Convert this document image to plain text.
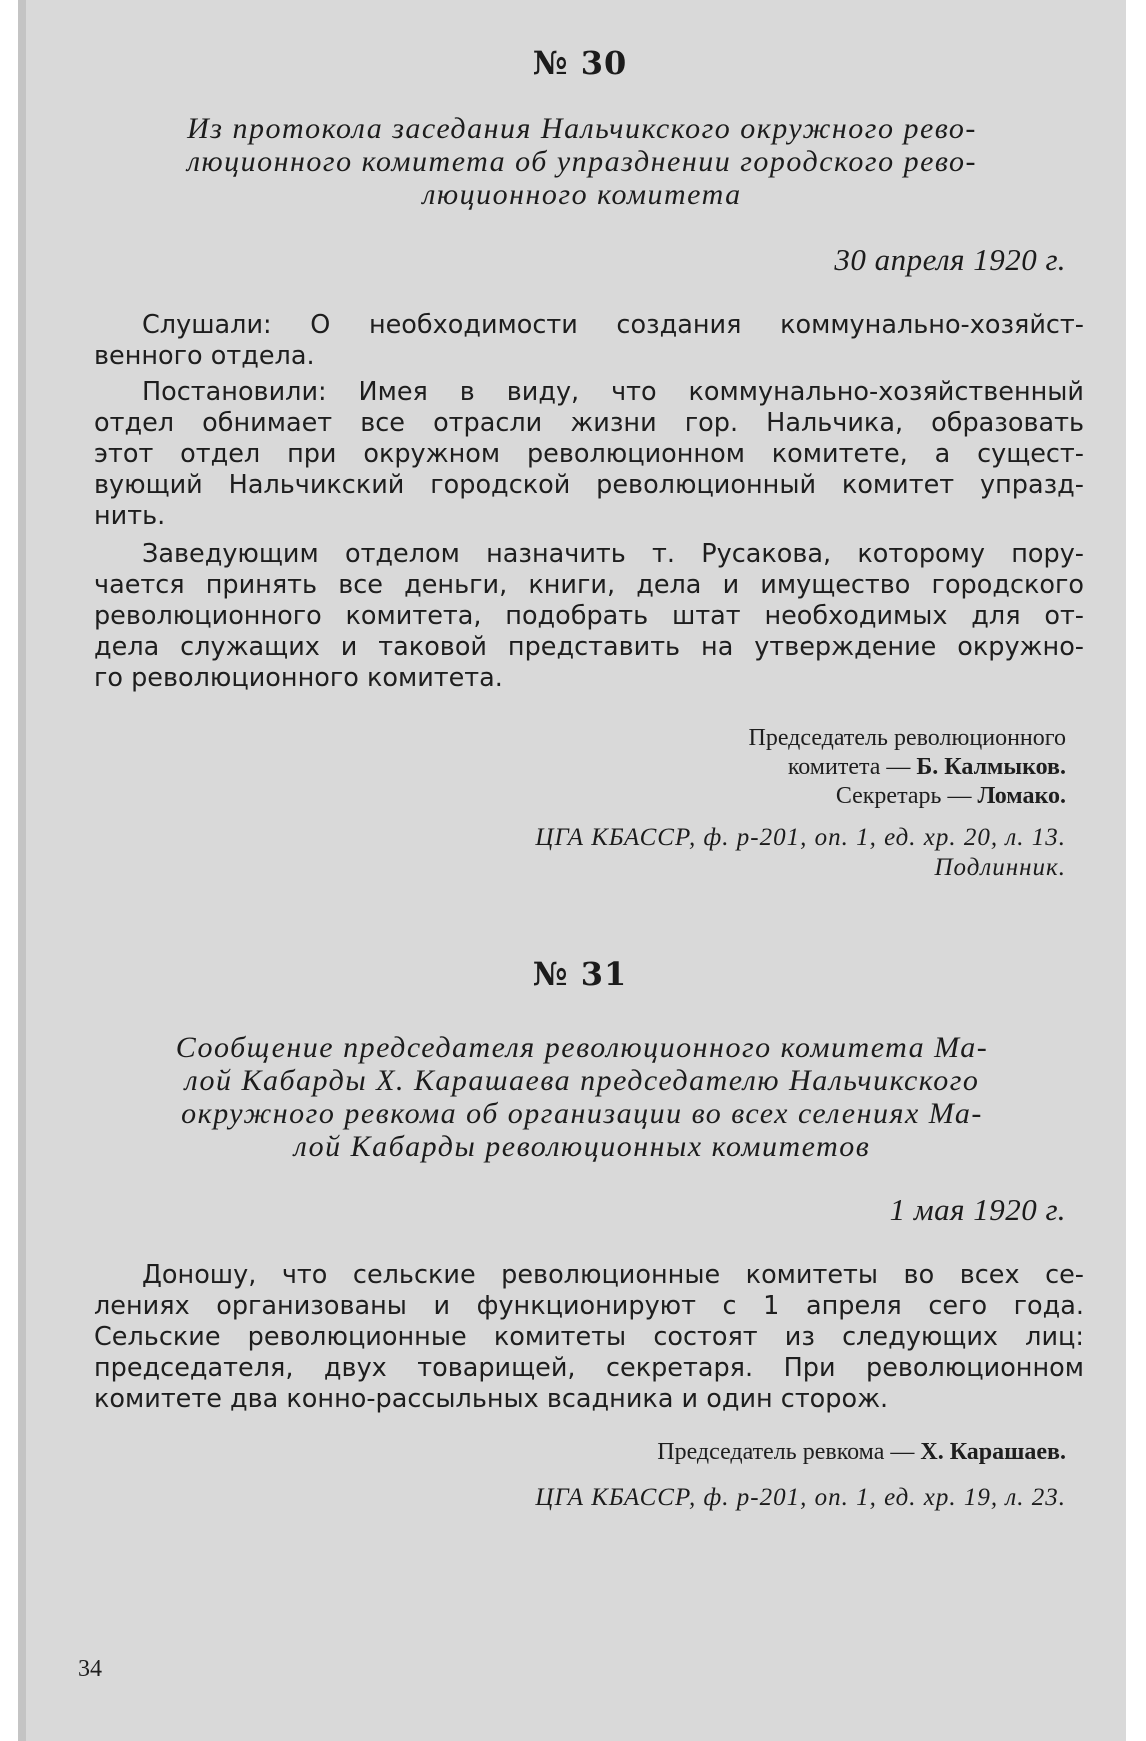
№ 30
Из протокола заседания Нальчикского окружного рево-
люционного комитета об упразднении городского рево-
люционного комитета
30 апреля 1920 г.
Слушали: О необходимости создания коммунально-хозяйст-
венного отдела.
Постановили: Имея в виду, что коммунально-хозяйственный
отдел обнимает все отрасли жизни гор. Нальчика, образовать
этот отдел при окружном революционном комитете, а сущест-
вующий Нальчикский городской революционный комитет упразд-
нить.
Заведующим отделом назначить т. Русакова, которому пору-
чается принять все деньги, книги, дела и имущество городского
революционного комитета, подобрать штат необходимых для от-
дела служащих и таковой представить на утверждение окружно-
го революционного комитета.
Председатель революционного
комитета — Б. Калмыков.
Секретарь — Ломако.
ЦГА КБАССР, ф. р-201, оп. 1, ед. хр. 20, л. 13.
Подлинник.
№ 31
Сообщение председателя революционного комитета Ма-
лой Кабарды Х. Карашаева председателю Нальчикского
окружного ревкома об организации во всех селениях Ма-
лой Кабарды революционных комитетов
1 мая 1920 г.
Доношу, что сельские революционные комитеты во всех се-
лениях организованы и функционируют с 1 апреля сего года.
Сельские революционные комитеты состоят из следующих лиц:
председателя, двух товарищей, секретаря. При революционном
комитете два конно-рассыльных всадника и один сторож.
Председатель ревкома — Х. Карашаев.
ЦГА КБАССР, ф. р-201, оп. 1, ед. хр. 19, л. 23.
34
